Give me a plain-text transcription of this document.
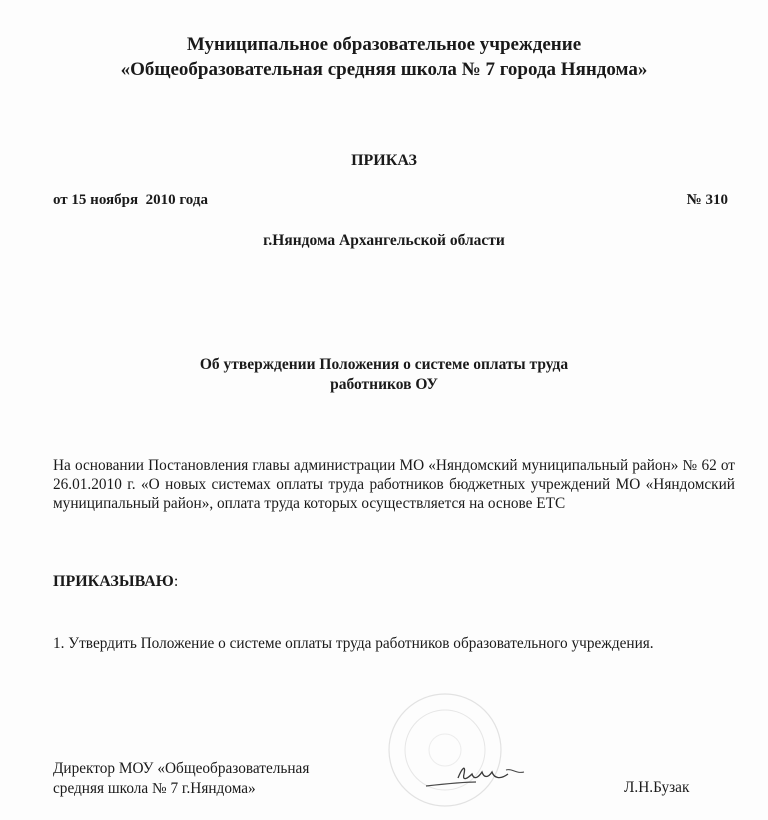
Муниципальное образовательное учреждение
«Общеобразовательная средняя школа № 7 города Няндома»
ПРИКАЗ
от 15 ноября  2010 года	№ 310
г.Няндома Архангельской области
Об утверждении Положения о системе оплаты труда
работников ОУ
На основании Постановления главы администрации МО «Няндомский муниципальный район» № 62 от 26.01.2010 г. «О новых системах оплаты труда работников бюджетных учреждений МО «Няндомский муниципальный район», оплата труда которых осуществляется на основе ЕТС
ПРИКАЗЫВАЮ:
1. Утвердить Положение о системе оплаты труда работников образовательного учреждения.
Директор МОУ «Общеобразовательная
средняя школа № 7 г.Няндома»	Л.Н.Бузак
